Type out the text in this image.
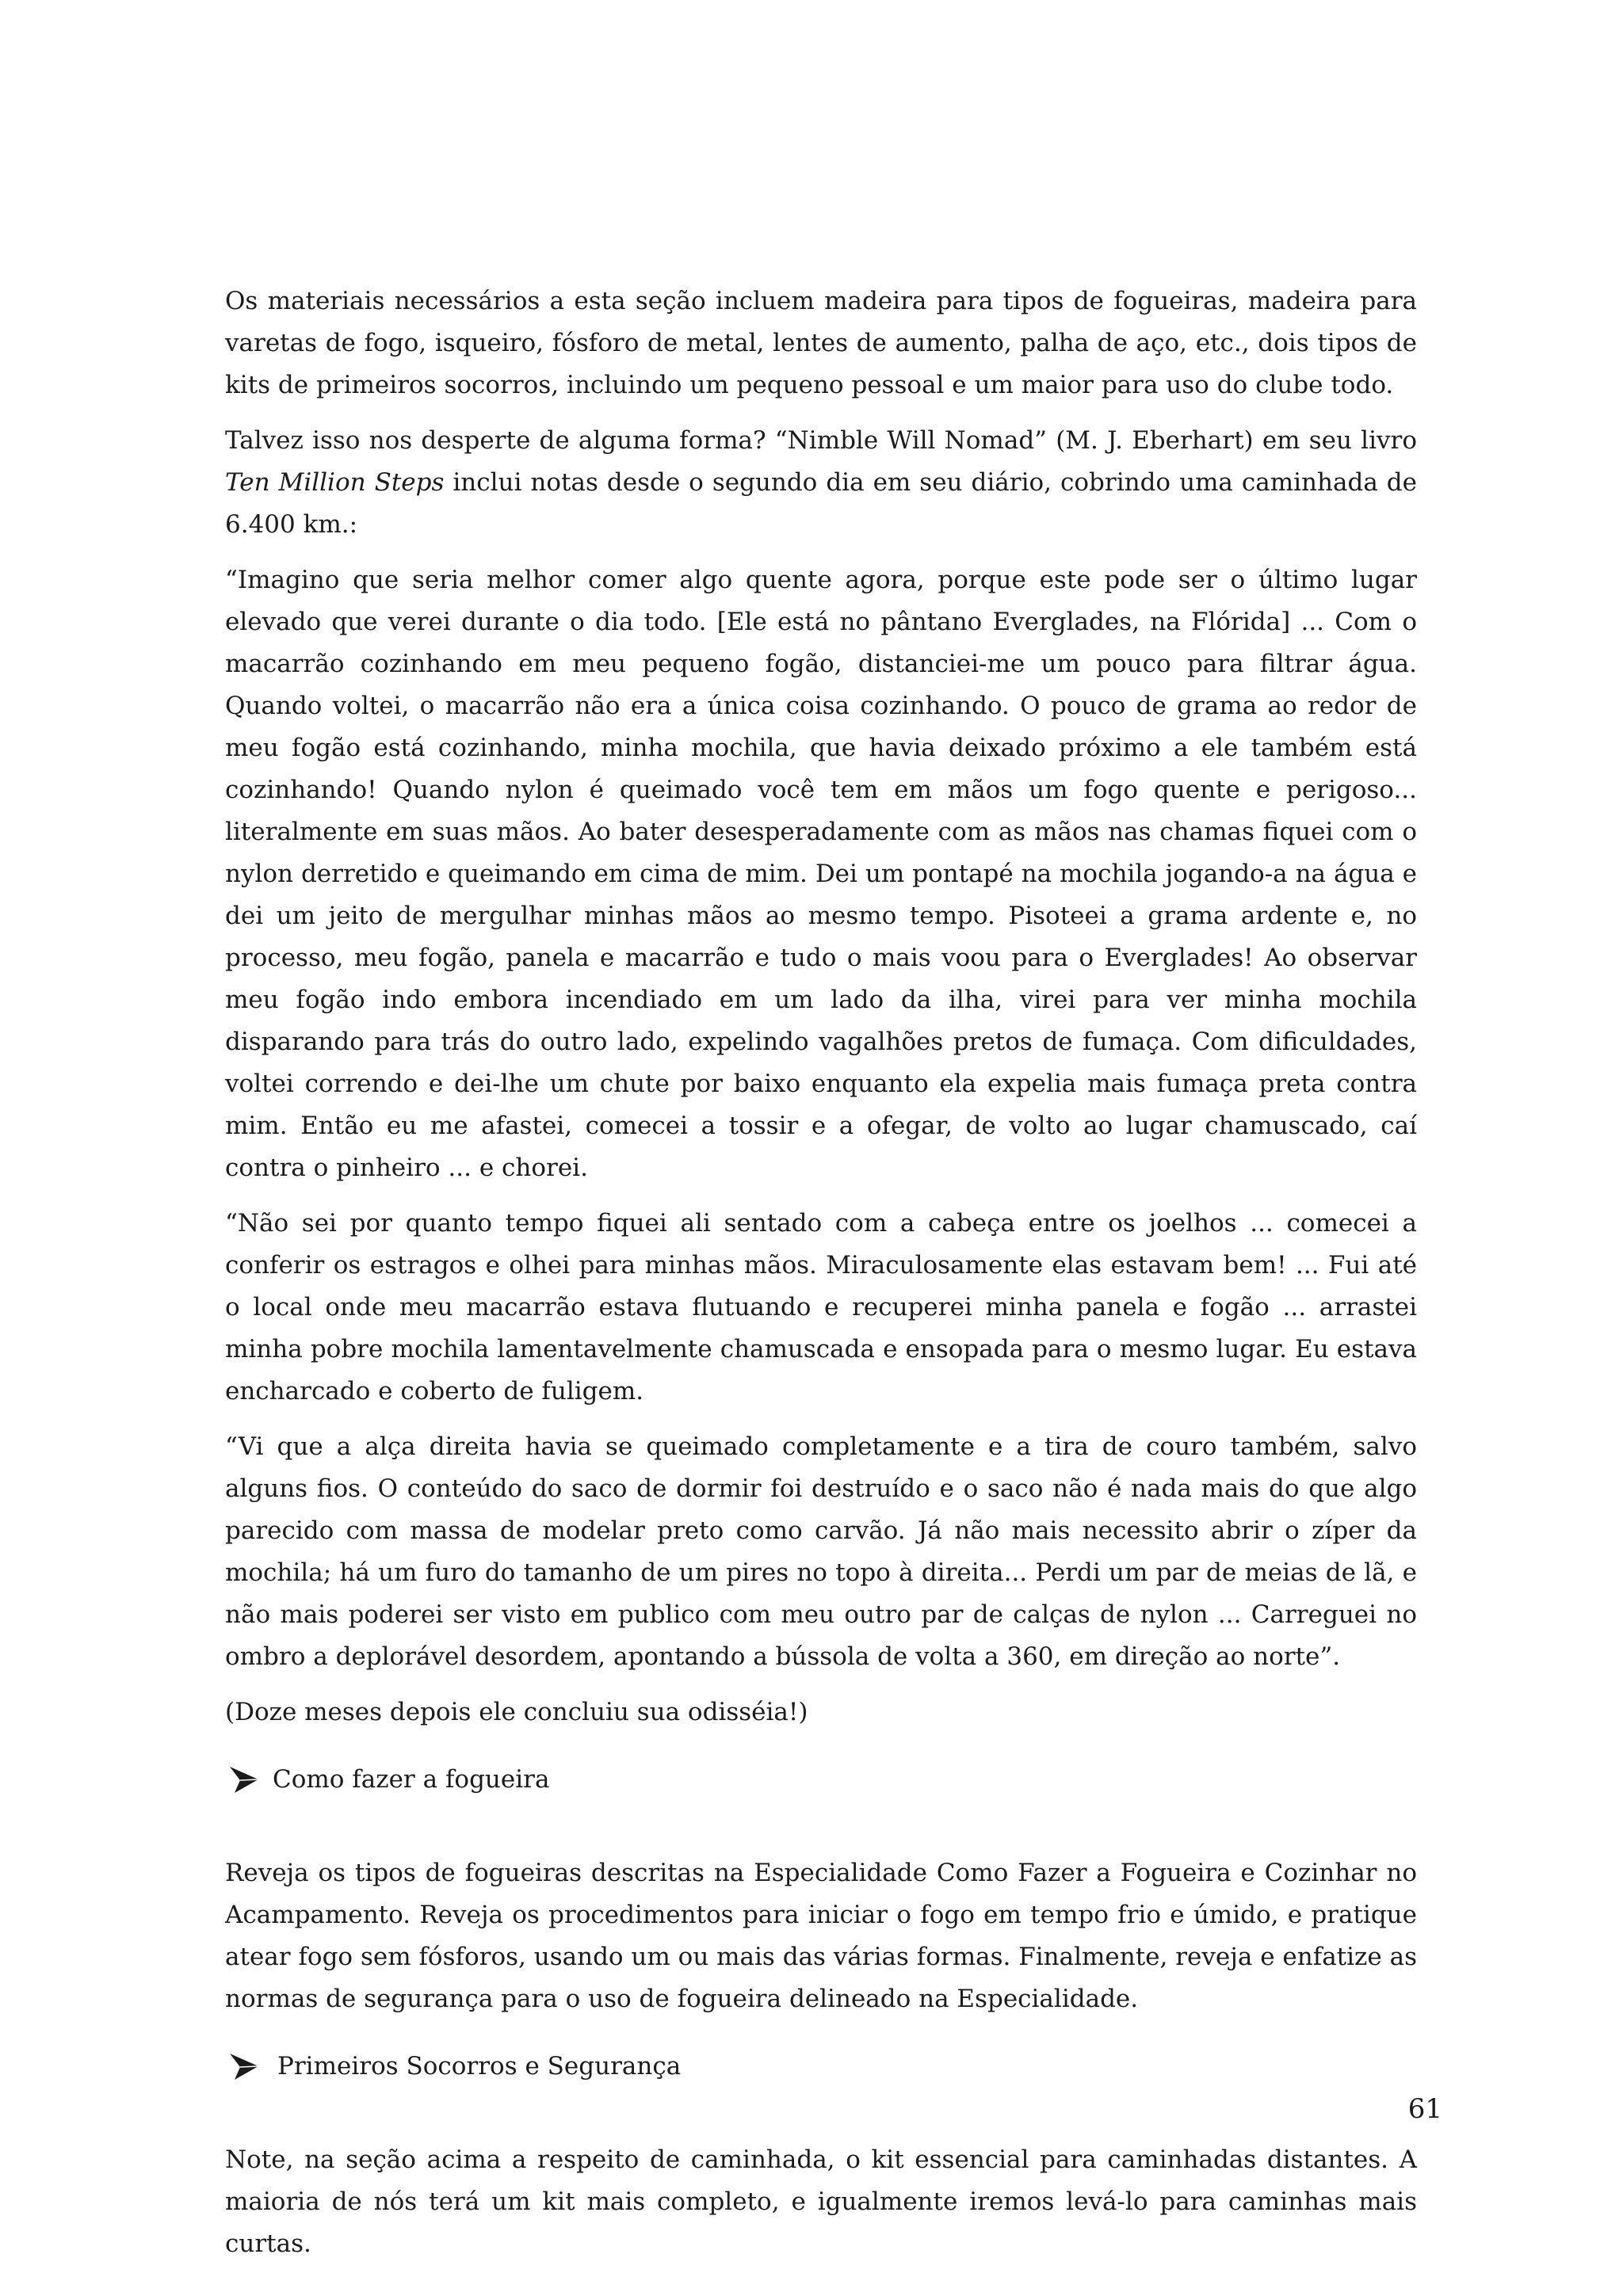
Os materiais necessários a esta seção incluem madeira para tipos de fogueiras, madeira para varetas de fogo, isqueiro, fósforo de metal, lentes de aumento, palha de aço, etc., dois tipos de kits de primeiros socorros, incluindo um pequeno pessoal e um maior para uso do clube todo.

Talvez isso nos desperte de alguma forma? “Nimble Will Nomad” (M. J. Eberhart) em seu livro Ten Million Steps inclui notas desde o segundo dia em seu diário, cobrindo uma caminhada de 6.400 km.:

“Imagino que seria melhor comer algo quente agora, porque este pode ser o último lugar elevado que verei durante o dia todo. [Ele está no pântano Everglades, na Flórida] ... Com o macarrão cozinhando em meu pequeno fogão, distanciei-me um pouco para filtrar água. Quando voltei, o macarrão não era a única coisa cozinhando. O pouco de grama ao redor de meu fogão está cozinhando, minha mochila, que havia deixado próximo a ele também está cozinhando! Quando nylon é queimado você tem em mãos um fogo quente e perigoso... literalmente em suas mãos. Ao bater desesperadamente com as mãos nas chamas fiquei com o nylon derretido e queimando em cima de mim. Dei um pontapé na mochila jogando-a na água e dei um jeito de mergulhar minhas mãos ao mesmo tempo. Pisoteei a grama ardente e, no processo, meu fogão, panela e macarrão e tudo o mais voou para o Everglades! Ao observar meu fogão indo embora incendiado em um lado da ilha, virei para ver minha mochila disparando para trás do outro lado, expelindo vagalhões pretos de fumaça. Com dificuldades, voltei correndo e dei-lhe um chute por baixo enquanto ela expelia mais fumaça preta contra mim. Então eu me afastei, comecei a tossir e a ofegar, de volto ao lugar chamuscado, caí contra o pinheiro ... e chorei.

“Não sei por quanto tempo fiquei ali sentado com a cabeça entre os joelhos ... comecei a conferir os estragos e olhei para minhas mãos. Miraculosamente elas estavam bem! ... Fui até o local onde meu macarrão estava flutuando e recuperei minha panela e fogão ... arrastei minha pobre mochila lamentavelmente chamuscada e ensopada para o mesmo lugar. Eu estava encharcado e coberto de fuligem.

“Vi que a alça direita havia se queimado completamente e a tira de couro também, salvo alguns fios. O conteúdo do saco de dormir foi destruído e o saco não é nada mais do que algo parecido com massa de modelar preto como carvão. Já não mais necessito abrir o zíper da mochila; há um furo do tamanho de um pires no topo à direita... Perdi um par de meias de lã, e não mais poderei ser visto em publico com meu outro par de calças de nylon ... Carreguei no ombro a deplorável desordem, apontando a bússola de volta a 360, em direção ao norte”.

(Doze meses depois ele concluiu sua odisséia!)

Como fazer a fogueira

Reveja os tipos de fogueiras descritas na Especialidade Como Fazer a Fogueira e Cozinhar no Acampamento. Reveja os procedimentos para iniciar o fogo em tempo frio e úmido, e pratique atear fogo sem fósforos, usando um ou mais das várias formas. Finalmente, reveja e enfatize as normas de segurança para o uso de fogueira delineado na Especialidade.

Primeiros Socorros e Segurança

Note, na seção acima a respeito de caminhada, o kit essencial para caminhadas distantes. A maioria de nós terá um kit mais completo, e igualmente iremos levá-lo para caminhas mais curtas.

61
